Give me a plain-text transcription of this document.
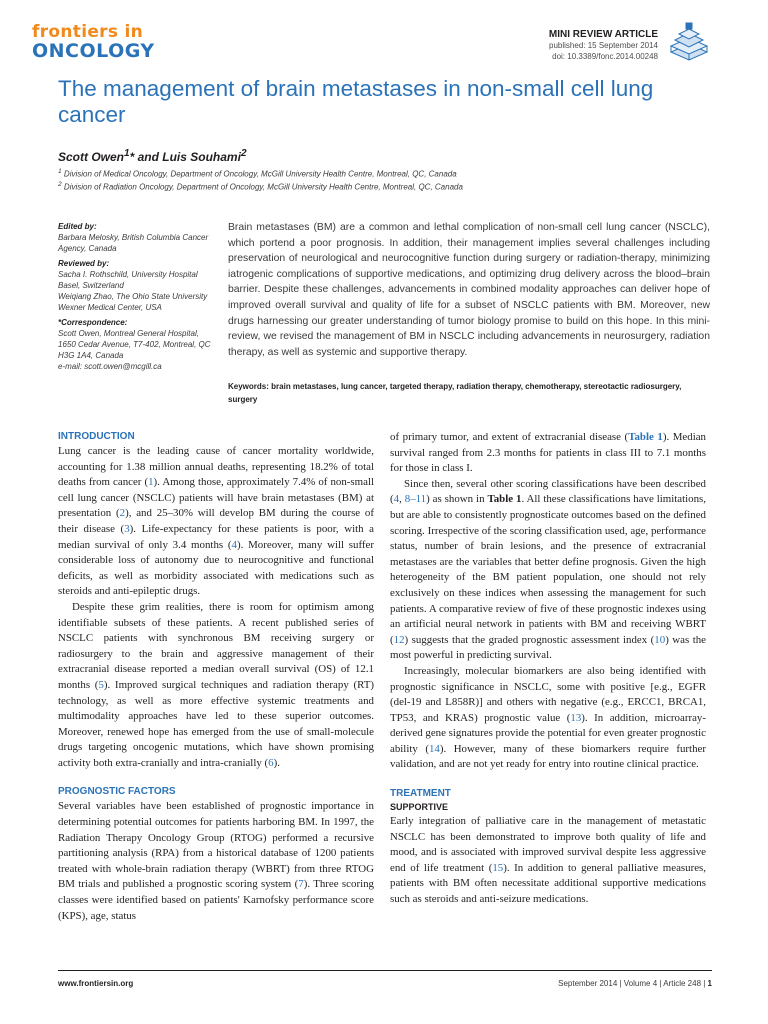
frontiers in
ONCOLOGY
MINI REVIEW ARTICLE
published: 15 September 2014
doi: 10.3389/fonc.2014.00248
The management of brain metastases in non-small cell lung cancer
Scott Owen$^1$* and Luis Souhami$^2$
$^1$ Division of Medical Oncology, Department of Oncology, McGill University Health Centre, Montreal, QC, Canada
$^2$ Division of Radiation Oncology, Department of Oncology, McGill University Health Centre, Montreal, QC, Canada
Edited by:
Barbara Melosky, British Columbia Cancer Agency, Canada
Reviewed by:
Sacha I. Rothschild, University Hospital Basel, Switzerland
Weiqiang Zhao, The Ohio State University Wexner Medical Center, USA
*Correspondence:
Scott Owen, Montreal General Hospital, 1650 Cedar Avenue, T7-402, Montreal, QC H3G 1A4, Canada
e-mail: scott.owen@mcgill.ca
Brain metastases (BM) are a common and lethal complication of non-small cell lung cancer (NSCLC), which portend a poor prognosis. In addition, their management implies several challenges including preservation of neurological and neurocognitive function during surgery or radiation-therapy, minimizing iatrogenic complications of supportive medications, and optimizing drug delivery across the blood–brain barrier. Despite these challenges, advancements in combined modality approaches can deliver hope of improved overall survival and quality of life for a subset of NSCLC patients with BM. Moreover, new drugs harnessing our greater understanding of tumor biology promise to build on this hope. In this mini-review, we revised the management of BM in NSCLC including advancements in neurosurgery, radiation therapy, as well as systemic and supportive therapy.
Keywords: brain metastases, lung cancer, targeted therapy, radiation therapy, chemotherapy, stereotactic radiosurgery, surgery
INTRODUCTION

Lung cancer is the leading cause of cancer mortality worldwide, accounting for 1.38 million annual deaths, representing 18.2% of total deaths from cancer (1). Among those, approximately 7.4% of non-small cell lung cancer (NSCLC) patients will have brain metastases (BM) at presentation (2), and 25–30% will develop BM during the course of their disease (3). Life-expectancy for these patients is poor, with a median survival of only 3.4 months (4). Moreover, many will suffer considerable loss of autonomy due to neurocognitive and functional deficits, as well as morbidity associated with medications such as steroids and anti-epileptic drugs.

Despite these grim realities, there is room for optimism among identifiable subsets of these patients. A recent published series of NSCLC patients with synchronous BM receiving surgery or radiosurgery to the brain and aggressive management of their extracranial disease reported a median overall survival (OS) of 12.1 months (5). Improved surgical techniques and radiation therapy (RT) technology, as well as more effective systemic treatments and multimodality approaches have led to these superior outcomes. Moreover, renewed hope has emerged from the use of small-molecule drugs targeting oncogenic mutations, which have shown promising activity both extra-cranially and intra-cranially (6).

PROGNOSTIC FACTORS

Several variables have been established of prognostic importance in determining potential outcomes for patients harboring BM. In 1997, the Radiation Therapy Oncology Group (RTOG) performed a recursive partitioning analysis (RPA) from a historical database of 1200 patients treated with whole-brain radiation therapy (WBRT) from three RTOG BM trials and published a prognostic scoring system (7). Three scoring classes were identified based on patients' Karnofsky performance score (KPS), age, status

of primary tumor, and extent of extracranial disease (Table 1). Median survival ranged from 2.3 months for patients in class III to 7.1 months for those in class I.

Since then, several other scoring classifications have been described (4, 8–11) as shown in Table 1. All these classifications have limitations, but are able to consistently prognosticate outcomes based on the defined scoring. Irrespective of the scoring classification used, age, performance status, number of brain lesions, and the presence of extracranial metastases are the variables that better define prognosis. Given the high heterogeneity of the BM patient population, one should not rely exclusively on these indices when assessing the management for such patients. A comparative review of five of these prognostic indexes using an artificial neural network in patients with BM and receiving WBRT (12) suggests that the graded prognostic assessment index (10) was the most powerful in predicting survival.

Increasingly, molecular biomarkers are also being identified with prognostic significance in NSCLC, some with positive [e.g., EGFR (del-19 and L858R)] and others with negative (e.g., ERCC1, BRCA1, TP53, and KRAS) prognostic value (13). In addition, microarray-derived gene signatures provide the potential for even greater prognostic ability (14). However, many of these biomarkers require further validation, and are not yet ready for entry into routine clinical practice.

TREATMENT
SUPPORTIVE

Early integration of palliative care in the management of metastatic NSCLC has been demonstrated to improve both quality of life and mood, and is associated with improved survival despite less aggressive end of life treatment (15). In addition to general palliative measures, patients with BM often necessitate additional supportive medications such as steroids and anti-seizure medications.

www.frontiersin.org	September 2014 | Volume 4 | Article 248 | 1
